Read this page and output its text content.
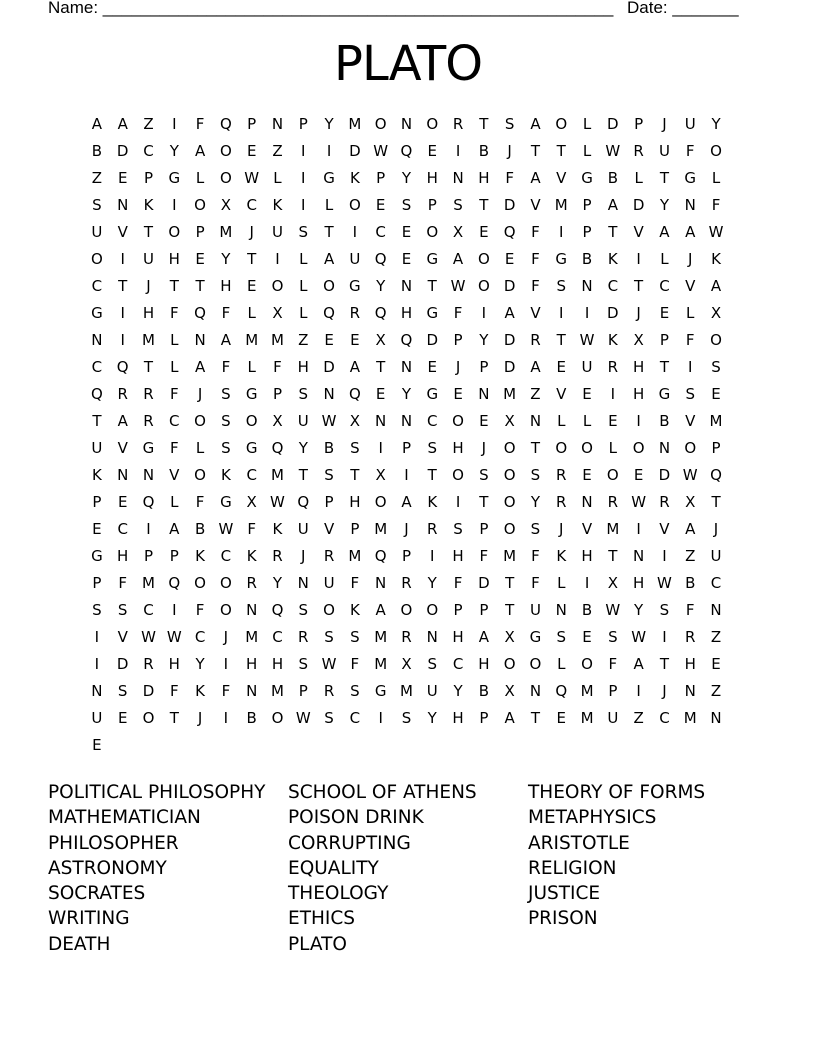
Name: ______________________________________________________ Date: _______
PLATO
A	A	Z	I	F	Q	P	N	P	Y M O N O R	T	S	A O	L	D	P	J	U	Y
B D C	Y	A O	E	Z	I	I	D W Q	E	I	B	J	T	T	L W R	U	F	O
Z	E	P	G	L	O W L	I	G	K	P	Y	H N H	F	A	V G B	L	T	G	L
S	N	K	I	O X	C	K	I	L	O	E	S	P	S	T	D V M P	A D	Y	N	F
U	V	T	O	P M	J	U	S	T	I	C	E	O X	E	Q	F	I	P	T	V	A	A W
O	I	U H	E	Y	T	I	L	A	U Q	E	G A O	E	F	G B	K	I	L	J	K
C	T	J	T	T	H	E	O	L	O G	Y	N	T W O D	F	S	N C	T	C	V	A
G	I	H	F	Q	F	L	X	L	Q R Q H G	F	I	A	V	I	I	D	J	E	L	X
N	I	M	L	N	A M M Z	E	E	X Q D	P	Y	D R	T W K	X	P	F	O
C Q	T	L	A	F	L	F	H D A	T	N	E	J	P	D A	E	U	R H	T	I	S
Q R	R	F	J	S	G	P	S	N Q	E	Y	G	E	N M Z	V	E	I	H G	S	E
T	A	R	C O	S	O X	U W X	N N C O	E	X	N	L	L	E	I	B	V M
U	V G	F	L	S	G Q	Y	B	S	I	P	S	H	J	O	T	O O	L	O N O	P
K	N N	V O K	C M T	S	T	X	I	T	O	S	O	S	R	E	O	E	D W Q
P	E	Q	L	F	G X W Q	P	H O A	K	I	T	O	Y	R N R W R	X	T
E	C	I	A	B W F	K	U	V	P M	J	R	S	P	O	S	J	V M	I	V	A	J
G H	P	P	K	C	K	R	J	R M Q	P	I	H	F	M	F	K	H	T	N	I	Z	U
P	F	M Q O O R	Y	N U	F	N R	Y	F	D	T	F	L	I	X	H W B	C
S	S	C	I	F	O N Q	S	O K	A O O	P	P	T	U N	B W Y	S	F	N
I	V W W C	J	M C	R	S	S M R N H	A	X G	S	E	S W	I	R	Z
I	D R H	Y	I	H H	S W F	M X	S	C H O O	L	O	F	A	T	H	E
N	S	D	F	K	F	N M P	R	S	G M U	Y	B	X	N Q M P	I	J	N	Z
U	E	O	T	J	I	B O W S	C	I	S	Y	H	P	A	T	E M U	Z	C M N
E
POLITICAL PHILOSOPHY
MATHEMATICIAN
PHILOSOPHER
ASTRONOMY
SOCRATES
WRITING
DEATH
SCHOOL OF ATHENS
POISON DRINK
CORRUPTING
EQUALITY
THEOLOGY
ETHICS
PLATO
THEORY OF FORMS
METAPHYSICS
ARISTOTLE
RELIGION
JUSTICE
PRISON
